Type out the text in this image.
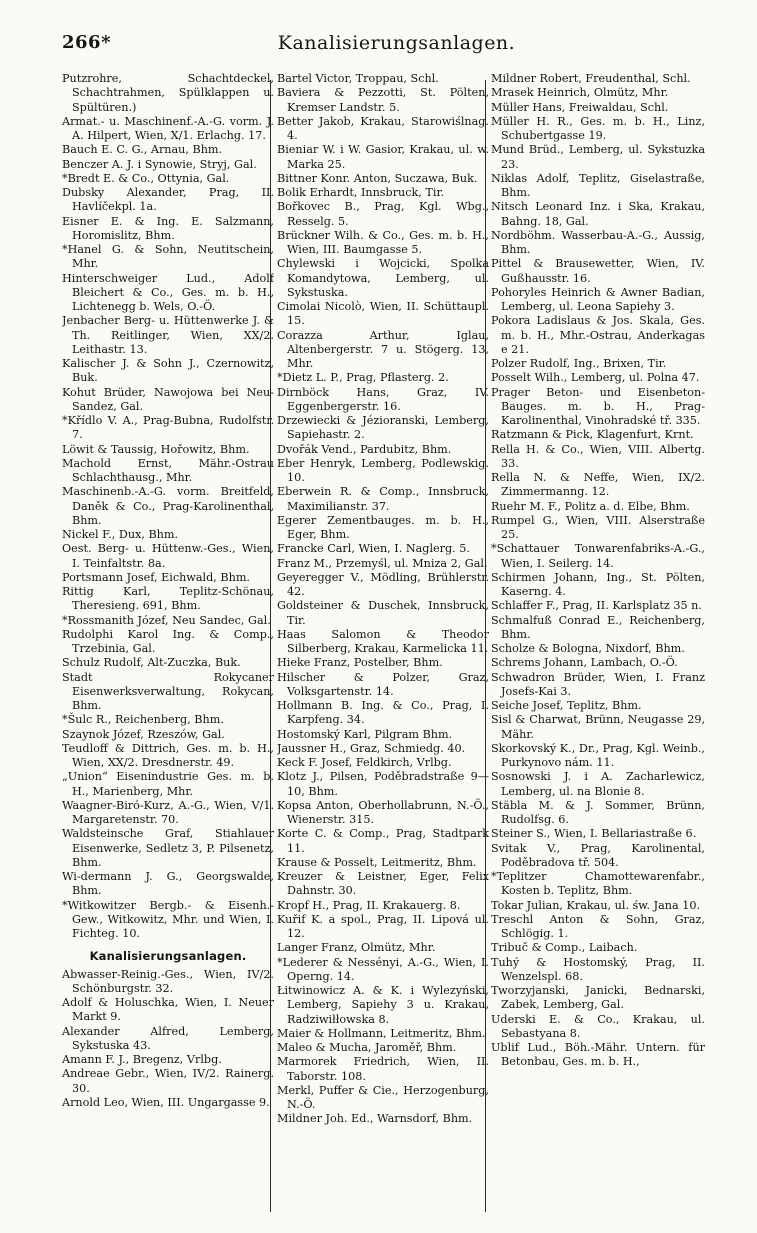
266*	Kanalisierungsanlagen.

Putzrohre, Schachtdeckel, Schachtrahmen, Spülklappen u. Spültüren.)

Armat.- u. Maschinenf.-A.-G. vorm. J. A. Hilpert, Wien, X/1. Erlachg. 17.

Bauch E. C. G., Arnau, Bhm.

Benczer A. J. i Synowie, Stryj, Gal.

*Bredt E. & Co., Ottynia, Gal.

Dubsky Alexander, Prag, II. Havlíčekpl. 1a.

Eisner E. & Ing. E. Salzmann, Horomislitz, Bhm.

*Hanel G. & Sohn, Neutitschein, Mhr.

Hinterschweiger Lud., Adolf Bleichert & Co., Ges. m. b. H., Lichtenegg b. Wels, O.-Ö.

Jenbacher Berg- u. Hüttenwerke J. & Th. Reitlinger, Wien, XX/2. Leithastr. 13.

Kalischer J. & Sohn J., Czernowitz, Buk.

Kohut Brüder, Nawojowa bei Neu-Sandez, Gal.

*Křídlo V. A., Prag-Bubna, Rudolfstr. 7.

Löwit & Taussig, Hořowitz, Bhm.

Machold Ernst, Mähr.-Ostrau Schlachthausg., Mhr.

Maschinenb.-A.-G. vorm. Breitfeld, Daněk & Co., Prag-Karolinenthal, Bhm.

Nickel F., Dux, Bhm.

Oest. Berg- u. Hüttenw.-Ges., Wien, I. Teinfaltstr. 8a.

Portsmann Josef, Eichwald, Bhm.

Rittig Karl, Teplitz-Schönau, Theresieng. 691, Bhm.

*Rossmanith Józef, Neu Sandec, Gal.

Rudolphi Karol Ing. & Comp., Trzebinia, Gal.

Schulz Rudolf, Alt-Zuczka, Buk.

Stadt Rokycaner Eisenwerksverwaltung, Rokycan, Bhm.

*Šulc R., Reichenberg, Bhm.

Szaynok Józef, Rzeszów, Gal.

Teudloff & Dittrich, Ges. m. b. H., Wien, XX/2. Dresdnerstr. 49.

„Union“ Eisenindustrie Ges. m. b. H., Marienberg, Mhr.

Waagner-Biró-Kurz, A.-G., Wien, V/1. Margaretenstr. 70.

Waldsteinsche Graf, Stiahlauer Eisenwerke, Sedletz 3, P. Pilsenetz, Bhm.

Wi-dermann J. G., Georgswalde, Bhm.

*Witkowitzer Bergb.- & Eisenh.-Gew., Witkowitz, Mhr. und Wien, I. Fichteg. 10.

Kanalisierungsanlagen.

Abwasser-Reinig.-Ges., Wien, IV/2. Schönburgstr. 32.

Adolf & Holuschka, Wien, I. Neuer Markt 9.

Alexander Alfred, Lemberg, Sykstuska 43.

Amann F. J., Bregenz, Vrlbg.

Andreae Gebr., Wien, IV/2. Rainerg. 30.

Arnold Leo, Wien, III. Ungargasse 9.

Bartel Victor, Troppau, Schl.

Baviera & Pezzotti, St. Pölten, Kremser Landstr. 5.

Better Jakob, Krakau, Starowiślnag. 4.

Bieniar W. i W. Gasior, Krakau, ul. w. Marka 25.

Bittner Konr. Anton, Suczawa, Buk.

Bolik Erhardt, Innsbruck, Tir.

Bořkovec B., Prag, Kgl. Wbg., Resselg. 5.

Brückner Wilh. & Co., Ges. m. b. H., Wien, III. Baumgasse 5.

Chylewski i Wojcicki, Spolka Komandytowa, Lemberg, ul. Sykstuska.

Cimolai Nicolò, Wien, II. Schüttaupl. 15.

Corazza Arthur, Iglau, Altenbergerstr. 7 u. Stögerg. 13, Mhr.

*Dietz L. P., Prag, Pflasterg. 2.

Dirnböck Hans, Graz, IV. Eggenbergerstr. 16.

Drzewiecki & Jézioranski, Lemberg, Sapiehastr. 2.

Dvořák Vend., Pardubitz, Bhm.

Eber Henryk, Lemberg, Podlewskig. 10.

Eberwein R. & Comp., Innsbruck, Maximilianstr. 37.

Egerer Zementbauges. m. b. H., Eger, Bhm.

Francke Carl, Wien, I. Naglerg. 5.

Franz M., Przemyśl, ul. Mniza 2, Gal.

Geyeregger V., Mödling, Brühlerstr. 42.

Goldsteiner & Duschek, Innsbruck, Tir.

Haas Salomon & Theodor Silberberg, Krakau, Karmelicka 11.

Hieke Franz, Postelber, Bhm.

Hilscher & Polzer, Graz, Volksgartenstr. 14.

Hollmann B. Ing. & Co., Prag, I. Karpfeng. 34.

Hostomský Karl, Pilgram Bhm.

Jaussner H., Graz, Schmiedg. 40.

Keck F. Josef, Feldkirch, Vrlbg.

Klotz J., Pilsen, Poděbradstraße 9—10, Bhm.

Kopsa Anton, Oberhollabrunn, N.-Ö., Wienerstr. 315.

Korte C. & Comp., Prag, Stadtpark 11.

Krause & Posselt, Leitmeritz, Bhm.

Kreuzer & Leistner, Eger, Felix Dahnstr. 30.

Kropf H., Prag, II. Krakauerg. 8.

Kuřif K. a spol., Prag, II. Lipová ul. 12.

Langer Franz, Olmütz, Mhr.

*Lederer & Nessényi, A.-G., Wien, I. Operng. 14.

Łitwinowicz A. & K. i Wylezyński, Lemberg, Sapiehy 3 u. Krakau, Radziwiłłowska 8.

Maier & Hollmann, Leitmeritz, Bhm.

Maleo & Mucha, Jaroměř, Bhm.

Marmorek Friedrich, Wien, II. Taborstr. 108.

Merkl, Puffer & Cie., Herzogenburg, N.-Ö.

Mildner Joh. Ed., Warnsdorf, Bhm.

Mildner Robert, Freudenthal, Schl.

Mrasek Heinrich, Olmütz, Mhr.

Müller Hans, Freiwaldau, Schl.

Müller H. R., Ges. m. b. H., Linz, Schubertgasse 19.

Mund Brüd., Lemberg, ul. Sykstuzka 23.

Niklas Adolf, Teplitz, Giselastraße, Bhm.

Nitsch Leonard Inz. i Ska, Krakau, Bahng. 18, Gal.

Nordböhm. Wasserbau-A.-G., Aussig, Bhm.

Pittel & Brausewetter, Wien, IV. Gußhausstr. 16.

Pohoryles Heinrich & Awner Badian, Lemberg, ul. Leona Sapiehy 3.

Pokora Ladislaus & Jos. Skala, Ges. m. b. H., Mhr.-Ostrau, Anderkagas e 21.

Polzer Rudolf, Ing., Brixen, Tir.

Posselt Wilh., Lemberg, ul. Polna 47.

Prager Beton- und Eisenbeton-Bauges. m. b. H., Prag-Karolinenthal, Vinohradské tř. 335.

Ratzmann & Pick, Klagenfurt, Krnt.

Rella H. & Co., Wien, VIII. Albertg. 33.

Rella N. & Neffe, Wien, IX/2. Zimmermanng. 12.

Ruehr M. F., Politz a. d. Elbe, Bhm.

Rumpel G., Wien, VIII. Alserstraße 25.

*Schattauer Tonwarenfabriks-A.-G., Wien, I. Seilerg. 14.

Schirmen Johann, Ing., St. Pölten, Kaserng. 4.

Schlaffer F., Prag, II. Karlsplatz 35 n.

Schmalfuß Conrad E., Reichenberg, Bhm.

Scholze & Bologna, Nixdorf, Bhm.

Schrems Johann, Lambach, O.-Ö.

Schwadron Brüder, Wien, I. Franz Josefs-Kai 3.

Seiche Josef, Teplitz, Bhm.

Sisl & Charwat, Brünn, Neugasse 29, Mähr.

Skorkovský K., Dr., Prag, Kgl. Weinb., Purkynovo nám. 11.

Sosnowski J. i A. Zacharlewicz, Lemberg, ul. na Blonie 8.

Stäbla M. & J. Sommer, Brünn, Rudolfsg. 6.

Steiner S., Wien, I. Bellariastraße 6.

Svitak V., Prag, Karolinental, Poděbradova tř. 504.

*Teplitzer Chamottewarenfabr., Kosten b. Teplitz, Bhm.

Tokar Julian, Krakau, ul. św. Jana 10.

Treschl Anton & Sohn, Graz, Schlögig. 1.

Tribuč & Comp., Laibach.

Tuhý & Hostomský, Prag, II. Wenzelspl. 68.

Tworzyjanski, Janicki, Bednarski, Zabek, Lemberg, Gal.

Uderski E. & Co., Krakau, ul. Sebastyana 8.

Ublif Lud., Böh.-Mähr. Untern. für Betonbau, Ges. m. b. H.,
